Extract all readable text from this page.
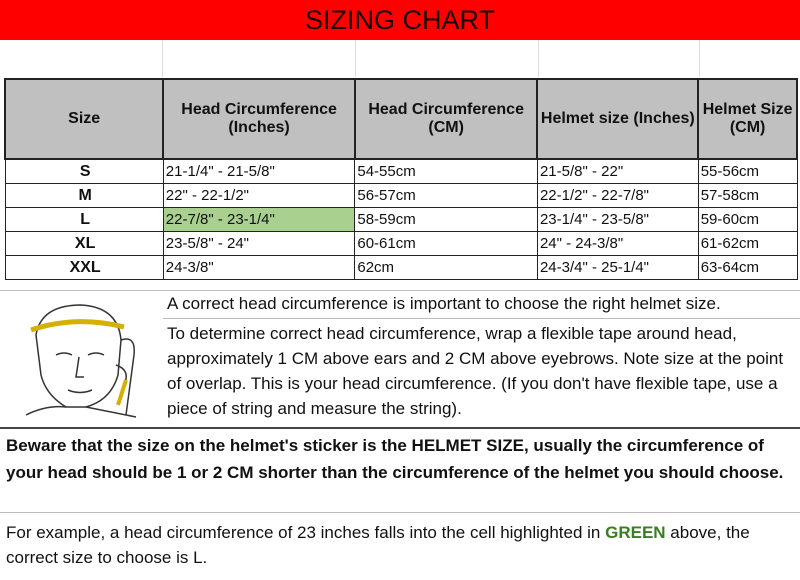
SIZING CHART
Size	Head Circumference (Inches)	Head Circumference (CM)	Helmet size (Inches)	Helmet Size (CM)
S	21-1/4" - 21-5/8"	54-55cm	21-5/8" - 22"	55-56cm
M	22" - 22-1/2"	56-57cm	22-1/2" - 22-7/8"	57-58cm
L	22-7/8" - 23-1/4"	58-59cm	23-1/4" - 23-5/8"	59-60cm
XL	23-5/8" - 24"	60-61cm	24" - 24-3/8"	61-62cm
XXL	24-3/8"	62cm	24-3/4" - 25-1/4"	63-64cm
A correct head circumference is important to choose the right helmet size.
To determine correct head circumference, wrap a flexible tape around head, approximately 1 CM above ears and 2 CM above eyebrows. Note size at the point of overlap. This is your head circumference. (If you don't have flexible tape, use a piece of string and measure the string).
Beware that the size on the helmet's sticker is the HELMET SIZE, usually the circumference of your head should be 1 or 2 CM shorter than the circumference of the helmet you should choose.
For example, a head circumference of 23 inches falls into the cell highlighted in GREEN above, the correct size to choose is L.
